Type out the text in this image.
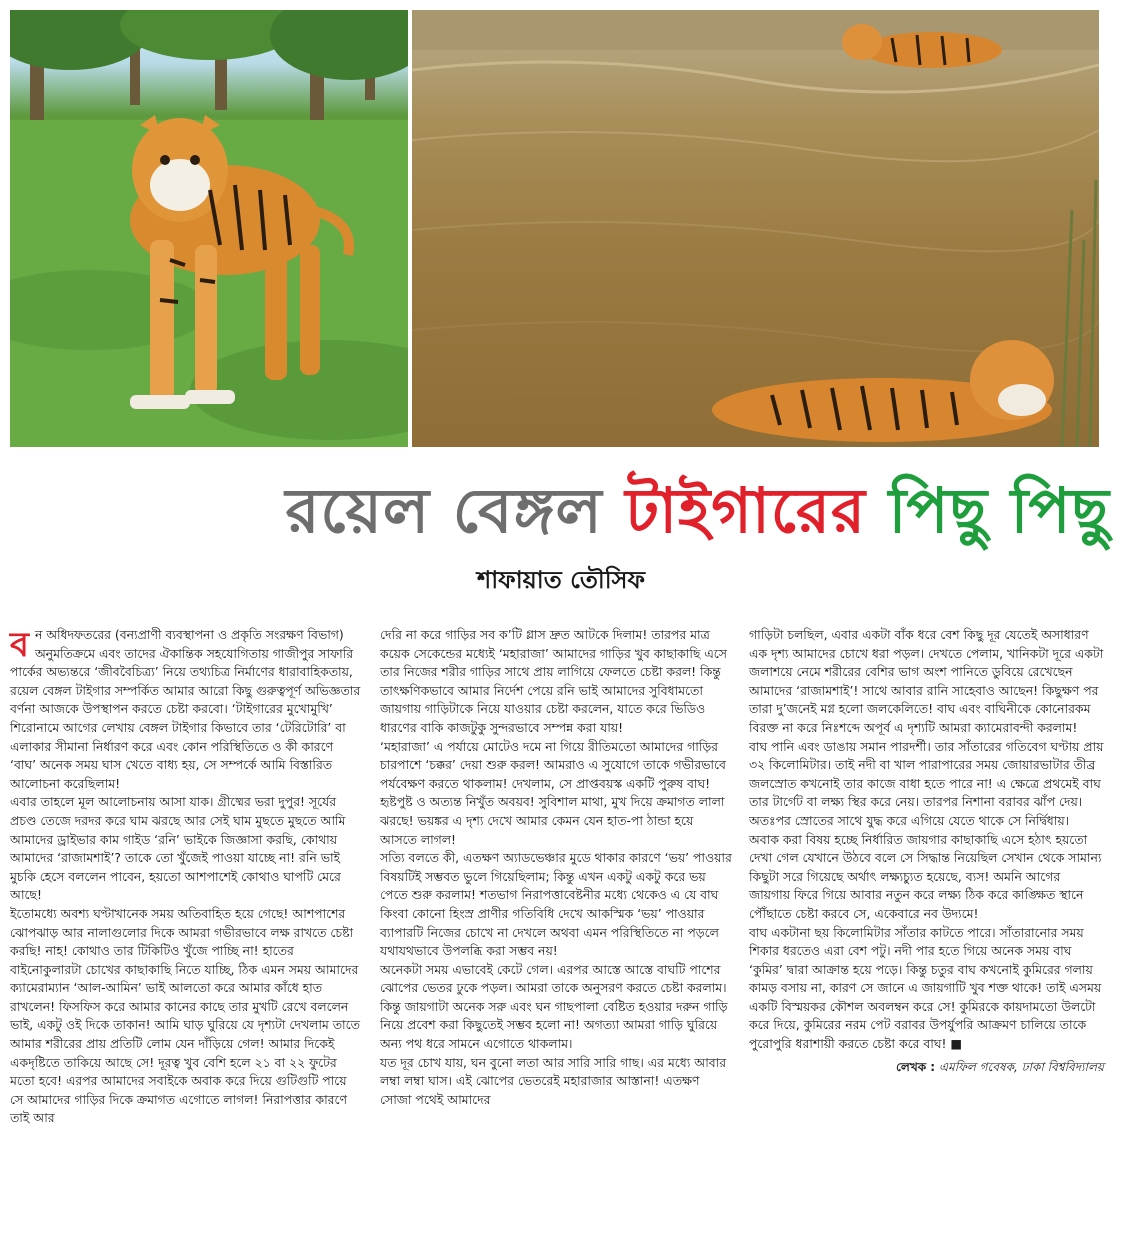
রয়েল বেঙ্গল টাইগারের পিছু পিছু
শাফায়াত তৌসিফ

বন অধিদফতরের (বন্যপ্রাণী ব্যবস্থাপনা ও প্রকৃতি সংরক্ষণ বিভাগ) অনুমতিক্রমে এবং তাদের ঐকান্তিক সহযোগিতায় গাজীপুর সাফারি পার্কের অভ্যন্তরে ‘জীববৈচিত্র্য’ নিয়ে তথ্যচিত্র নির্মাণের ধারাবাহিকতায়, রয়েল বেঙ্গল টাইগার সম্পর্কিত আমার আরো কিছু গুরুত্বপূর্ণ অভিজ্ঞতার বর্ণনা আজকে উপস্থাপন করতে চেষ্টা করবো। ‘টাইগারের মুখোমুখি’ শিরোনামে আগের লেখায় বেঙ্গল টাইগার কিভাবে তার ‘টেরিটোরি’ বা এলাকার সীমানা নির্ধারণ করে এবং কোন পরিস্থিতিতে ও কী কারণে ‘বাঘ’ অনেক সময় ঘাস খেতে বাধ্য হয়, সে সম্পর্কে আমি বিস্তারিত আলোচনা করেছিলাম!

এবার তাহলে মূল আলোচনায় আসা যাক। গ্রীষ্মের ভরা দুপুর! সূর্যের প্রচণ্ড তেজে দরদর করে ঘাম ঝরছে আর সেই ঘাম মুছতে মুছতে আমি আমাদের ড্রাইভার কাম গাইড ‘রনি’ ভাইকে জিজ্ঞাসা করছি, কোথায় আমাদের ‘রাজামশাই’? তাকে তো খুঁজেই পাওয়া যাচ্ছে না! রনি ভাই মুচকি হেসে বললেন পাবেন, হয়তো আশপাশেই কোথাও ঘাপটি মেরে আছে!

ইতোমধ্যে অবশ্য ঘণ্টাখানেক সময় অতিবাহিত হয়ে গেছে! আশপাশের ঝোপঝাড় আর নালাগুলোর দিকে আমরা গভীরভাবে লক্ষ রাখতে চেষ্টা করছি! নাহ! কোথাও তার টিকিটিও খুঁজে পাচ্ছি না! হাতের বাইনোকুলারটা চোখের কাছাকাছি নিতে যাচ্ছি, ঠিক এমন সময় আমাদের ক্যামেরাম্যান ‘আল-আমিন’ ভাই আলতো করে আমার কাঁধে হাত রাখলেন! ফিসফিস করে আমার কানের কাছে তার মুখটি রেখে বললেন ভাই, একটু ওই দিকে তাকান! আমি ঘাড় ঘুরিয়ে যে দৃশ্যটা দেখলাম তাতে আমার শরীরের প্রায় প্রতিটি লোম যেন দাঁড়িয়ে গেল! আমার দিকেই একদৃষ্টিতে তাকিয়ে আছে সে! দূরত্ব খুব বেশি হলে ২১ বা ২২ ফুটের মতো হবে! এরপর আমাদের সবাইকে অবাক করে দিয়ে গুটিগুটি পায়ে সে আমাদের গাড়ির দিকে ক্রমাগত এগোতে লাগল! নিরাপত্তার কারণে তাই আর

দেরি না করে গাড়ির সব ক’টি গ্লাস দ্রুত আটকে দিলাম! তারপর মাত্র কয়েক সেকেন্ডের মধ্যেই ‘মহারাজা’ আমাদের গাড়ির খুব কাছাকাছি এসে তার নিজের শরীর গাড়ির সাথে প্রায় লাগিয়ে ফেলতে চেষ্টা করল! কিন্তু তাৎক্ষণিকভাবে আমার নির্দেশ পেয়ে রনি ভাই আমাদের সুবিধামতো জায়গায় গাড়িটাকে নিয়ে যাওয়ার চেষ্টা করলেন, যাতে করে ভিডিও ধারণের বাকি কাজটুকু সুন্দরভাবে সম্পন্ন করা যায়!

‘মহারাজা’ এ পর্যায়ে মোটেও দমে না গিয়ে রীতিমতো আমাদের গাড়ির চারপাশে ‘চক্কর’ দেয়া শুরু করল! আমরাও এ সুযোগে তাকে গভীরভাবে পর্যবেক্ষণ করতে থাকলাম! দেখলাম, সে প্রাপ্তবয়স্ক একটি পুরুষ বাঘ! হৃষ্টপুষ্ট ও অত্যন্ত নিখুঁত অবয়ব! সুবিশাল মাথা, মুখ দিয়ে ক্রমাগত লালা ঝরছে! ভয়ঙ্কর এ দৃশ্য দেখে আমার কেমন যেন হাত-পা ঠান্ডা হয়ে আসতে লাগল!

সত্যি বলতে কী, এতক্ষণ অ্যাডভেঞ্চার মুডে থাকার কারণে ‘ভয়’ পাওয়ার বিষয়টিই সম্ভবত ভুলে গিয়েছিলাম; কিন্তু এখন একটু একটু করে ভয় পেতে শুরু করলাম! শতভাগ নিরাপত্তাবেষ্টনীর মধ্যে থেকেও এ যে বাঘ কিংবা কোনো হিংস্র প্রাণীর গতিবিধি দেখে আকস্মিক ‘ভয়’ পাওয়ার ব্যাপারটি নিজের চোখে না দেখলে অথবা এমন পরিস্থিতিতে না পড়লে যথাযথভাবে উপলব্ধি করা সম্ভব নয়!

অনেকটা সময় এভাবেই কেটে গেল। এরপর আস্তে আস্তে বাঘটি পাশের ঝোপের ভেতর ঢুকে পড়ল। আমরা তাকে অনুসরণ করতে চেষ্টা করলাম। কিন্তু জায়গাটা অনেক সরু এবং ঘন গাছপালা বেষ্টিত হওয়ার দরুন গাড়ি নিয়ে প্রবেশ করা কিছুতেই সম্ভব হলো না! অগত্যা আমরা গাড়ি ঘুরিয়ে অন্য পথ ধরে সামনে এগোতে থাকলাম।

যত দূর চোখ যায়, ঘন বুনো লতা আর সারি সারি গাছ। এর মধ্যে আবার লম্বা লম্বা ঘাস। এই ঝোপের ভেতরেই মহারাজার আস্তানা! এতক্ষণ সোজা পথেই আমাদের

গাড়িটা চলছিল, এবার একটা বাঁক ধরে বেশ কিছু দূর যেতেই অসাধারণ এক দৃশ্য আমাদের চোখে ধরা পড়ল। দেখতে পেলাম, খানিকটা দূরে একটা জলাশয়ে নেমে শরীরের বেশির ভাগ অংশ পানিতে ডুবিয়ে রেখেছেন আমাদের ‘রাজামশাই’! সাথে আবার রানি সাহেবাও আছেন! কিছুক্ষণ পর তারা দু’জনেই মগ্ন হলো জলকেলিতে! বাঘ এবং বাঘিনীকে কোনোরকম বিরক্ত না করে নিঃশব্দে অপূর্ব এ দৃশ্যটি আমরা ক্যামেরাবন্দী করলাম!

বাঘ পানি এবং ডাঙায় সমান পারদর্শী। তার সাঁতারের গতিবেগ ঘণ্টায় প্রায় ৩২ কিলোমিটার। তাই নদী বা খাল পারাপারের সময় জোয়ারভাটার তীব্র জলস্রোত কখনোই তার কাজে বাধা হতে পারে না! এ ক্ষেত্রে প্রথমেই বাঘ তার টার্গেট বা লক্ষ্য স্থির করে নেয়। তারপর নিশানা বরাবর ঝাঁপ দেয়। অতঃপর স্রোতের সাথে যুদ্ধ করে এগিয়ে যেতে থাকে সে নির্দ্বিধায়।

অবাক করা বিষয় হচ্ছে নির্ধারিত জায়গার কাছাকাছি এসে হঠাৎ হয়তো দেখা গেল যেখানে উঠবে বলে সে সিদ্ধান্ত নিয়েছিল সেখান থেকে সামান্য কিছুটা সরে গিয়েছে অর্থাৎ লক্ষ্যচ্যুত হয়েছে, ব্যস! অমনি আগের জায়গায় ফিরে গিয়ে আবার নতুন করে লক্ষ্য ঠিক করে কাঙ্ক্ষিত স্থানে পৌঁছাতে চেষ্টা করবে সে, একেবারে নব উদ্যমে!

বাঘ একটানা ছয় কিলোমিটার সাঁতার কাটতে পারে। সাঁতারানোর সময় শিকার ধরতেও এরা বেশ পটু। নদী পার হতে গিয়ে অনেক সময় বাঘ ‘কুমির’ দ্বারা আক্রান্ত হয়ে পড়ে। কিন্তু চতুর বাঘ কখনোই কুমিরের গলায় কামড় বসায় না, কারণ সে জানে এ জায়গাটি খুব শক্ত থাকে! তাই এসময় একটি বিস্ময়কর কৌশল অবলম্বন করে সে! কুমিরকে কায়দামতো উলটো করে দিয়ে, কুমিরের নরম পেট বরাবর উপর্যুপরি আক্রমণ চালিয়ে তাকে পুরোপুরি ধরাশায়ী করতে চেষ্টা করে বাঘ! ■

লেখক : এমফিল গবেষক, ঢাকা বিশ্ববিদ্যালয়
